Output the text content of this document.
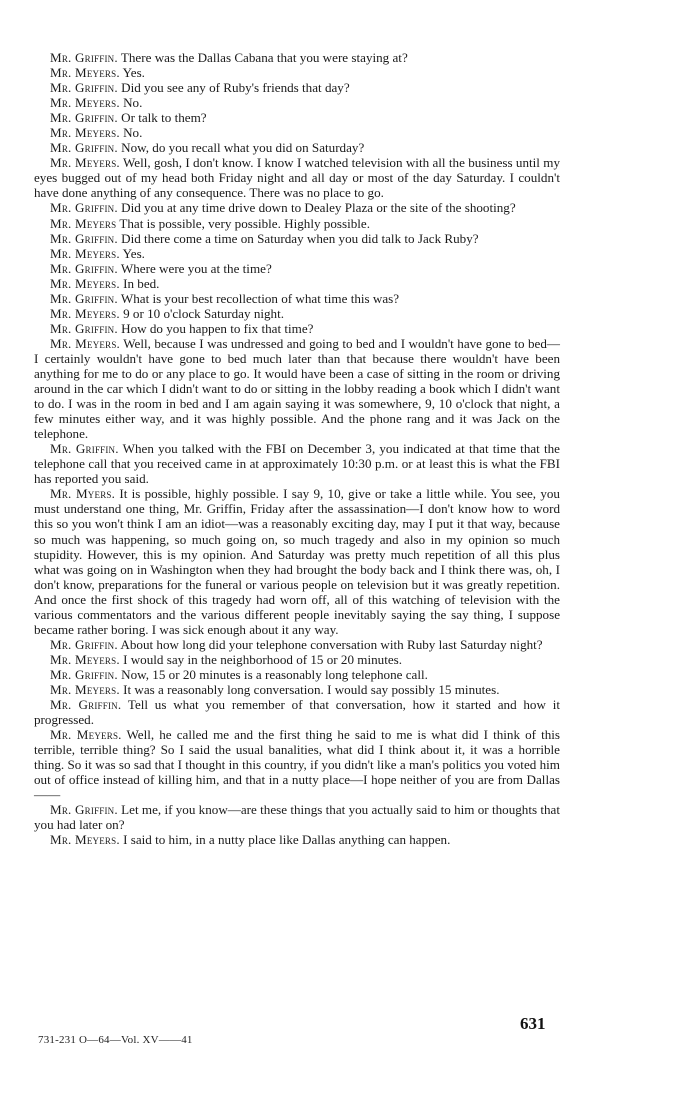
Mr. Griffin. There was the Dallas Cabana that you were staying at?

Mr. Meyers. Yes.

Mr. Griffin. Did you see any of Ruby's friends that day?

Mr. Meyers. No.

Mr. Griffin. Or talk to them?

Mr. Meyers. No.

Mr. Griffin. Now, do you recall what you did on Saturday?

Mr. Meyers. Well, gosh, I don't know. I know I watched television with all the business until my eyes bugged out of my head both Friday night and all day or most of the day Saturday. I couldn't have done anything of any consequence. There was no place to go.

Mr. Griffin. Did you at any time drive down to Dealey Plaza or the site of the shooting?

Mr. Meyers That is possible, very possible. Highly possible.

Mr. Griffin. Did there come a time on Saturday when you did talk to Jack Ruby?

Mr. Meyers. Yes.

Mr. Griffin. Where were you at the time?

Mr. Meyers. In bed.

Mr. Griffin. What is your best recollection of what time this was?

Mr. Meyers. 9 or 10 o'clock Saturday night.

Mr. Griffin. How do you happen to fix that time?

Mr. Meyers. Well, because I was undressed and going to bed and I wouldn't have gone to bed—I certainly wouldn't have gone to bed much later than that because there wouldn't have been anything for me to do or any place to go. It would have been a case of sitting in the room or driving around in the car which I didn't want to do or sitting in the lobby reading a book which I didn't want to do. I was in the room in bed and I am again saying it was somewhere, 9, 10 o'clock that night, a few minutes either way, and it was highly possible. And the phone rang and it was Jack on the telephone.

Mr. Griffin. When you talked with the FBI on December 3, you indicated at that time that the telephone call that you received came in at approximately 10:30 p.m. or at least this is what the FBI has reported you said.

Mr. Myers. It is possible, highly possible. I say 9, 10, give or take a little while. You see, you must understand one thing, Mr. Griffin, Friday after the assassination—I don't know how to word this so you won't think I am an idiot—was a reasonably exciting day, may I put it that way, because so much was happening, so much going on, so much tragedy and also in my opinion so much stupidity. However, this is my opinion. And Saturday was pretty much repetition of all this plus what was going on in Washington when they had brought the body back and I think there was, oh, I don't know, preparations for the funeral or various people on television but it was greatly repetition. And once the first shock of this tragedy had worn off, all of this watching of television with the various commentators and the various different people inevitably saying the say thing, I suppose became rather boring. I was sick enough about it any way.

Mr. Griffin. About how long did your telephone conversation with Ruby last Saturday night?

Mr. Meyers. I would say in the neighborhood of 15 or 20 minutes.

Mr. Griffin. Now, 15 or 20 minutes is a reasonably long telephone call.

Mr. Meyers. It was a reasonably long conversation. I would say possibly 15 minutes.

Mr. Griffin. Tell us what you remember of that conversation, how it started and how it progressed.

Mr. Meyers. Well, he called me and the first thing he said to me is what did I think of this terrible, terrible thing? So I said the usual banalities, what did I think about it, it was a horrible thing. So it was so sad that I thought in this country, if you didn't like a man's politics you voted him out of office instead of killing him, and that in a nutty place—I hope neither of you are from Dallas——

Mr. Griffin. Let me, if you know—are these things that you actually said to him or thoughts that you had later on?

Mr. Meyers. I said to him, in a nutty place like Dallas anything can happen.

631
731-231 O—64—Vol. XV——41
